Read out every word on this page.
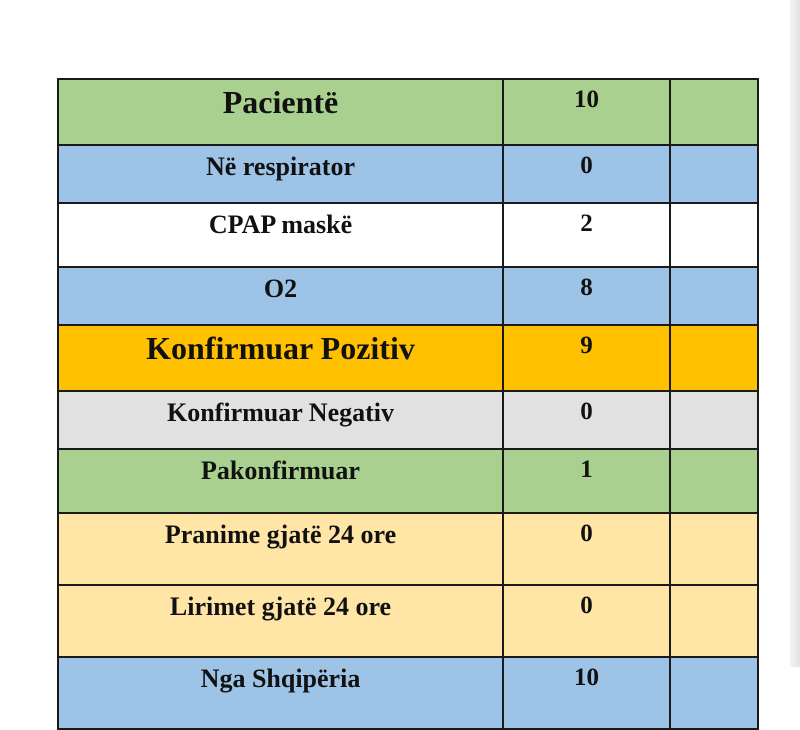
Pacientë	10	
Në respirator	0	
CPAP maskë	2	
O2	8	
Konfirmuar Pozitiv	9	
Konfirmuar Negativ	0	
Pakonfirmuar	1	
Pranime gjatë 24 ore	0	
Lirimet gjatë 24 ore	0	
Nga Shqipëria	10	
